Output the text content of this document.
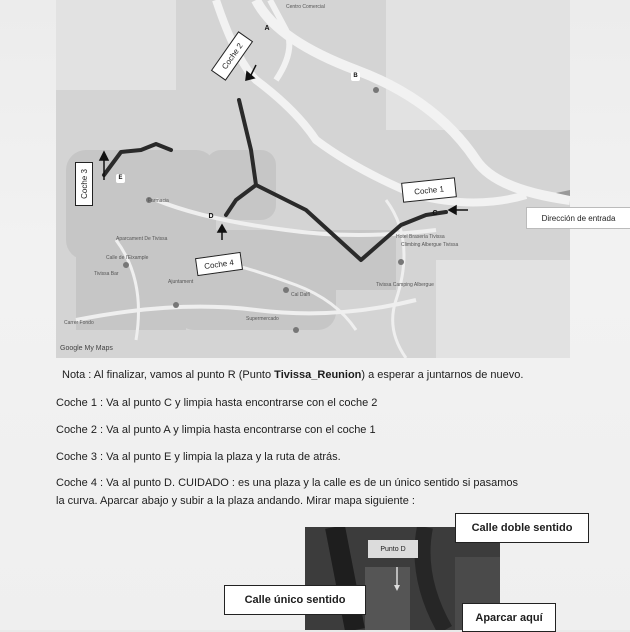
Centro Comercial
Aparcament De Tivissa
Carrer Fondo
Calle de l'Eixample
Hotel Brasería Tivissa
Climbing Albergue Tivissa
Tivissa Camping Albergue
Cal Dalfí
Supermercado
Farmacia
Ajuntament
Tivissa Bar
Coche 2
Coche 3
Coche 4
Coche 1
A
B
C
D
E
Dirección de entrada
Google My Maps
Nota : Al finalizar, vamos al punto R (Punto Tivissa_Reunion) a esperar a juntarnos de nuevo.
Coche 1 : Va al punto C y limpia hasta encontrarse con el coche 2
Coche 2 : Va al punto A y limpia hasta encontrarse con el coche 1
Coche 3 : Va al punto E y limpia la plaza y la ruta de atrás.
Coche 4 : Va al punto D. CUIDADO : es una plaza y la calle es de un único sentido si pasamos
la curva. Aparcar abajo y subir a la plaza andando. Mirar mapa siguiente :
Punto D
Calle doble sentido
Calle único sentido
Aparcar aquí
